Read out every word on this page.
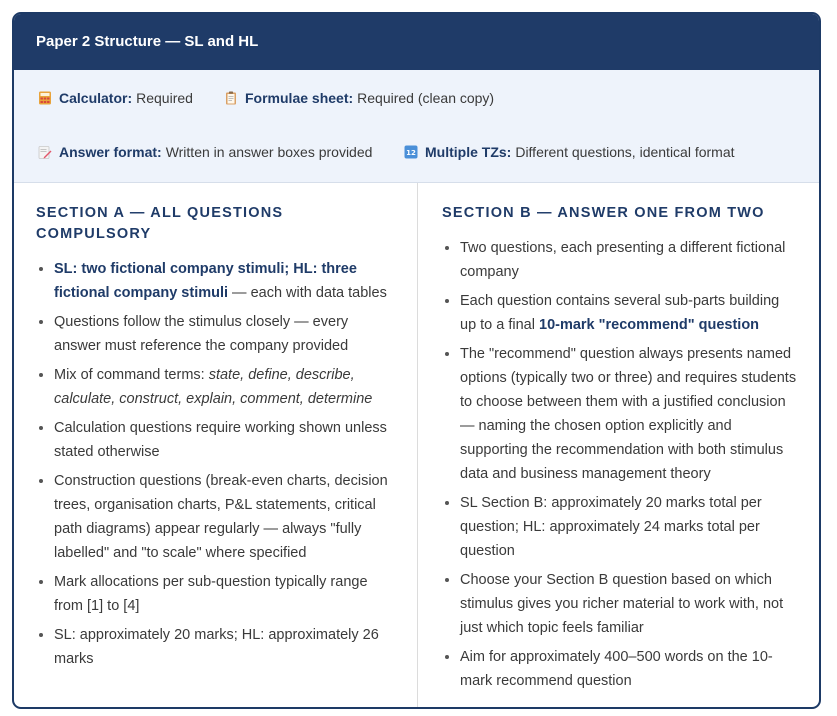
Paper 2 Structure — SL and HL
Calculator: Required	Formulae sheet: Required (clean copy)
Answer format: Written in answer boxes provided	12 Multiple TZs: Different questions, identical format
SECTION A — ALL QUESTIONS COMPULSORY
• SL: two fictional company stimuli; HL: three fictional company stimuli — each with data tables
• Questions follow the stimulus closely — every answer must reference the company provided
• Mix of command terms: state, define, describe, calculate, construct, explain, comment, determine
• Calculation questions require working shown unless stated otherwise
• Construction questions (break-even charts, decision trees, organisation charts, P&L statements, critical path diagrams) appear regularly — always "fully labelled" and "to scale" where specified
• Mark allocations per sub-question typically range from [1] to [4]
• SL: approximately 20 marks; HL: approximately 26 marks
SECTION B — ANSWER ONE FROM TWO
• Two questions, each presenting a different fictional company
• Each question contains several sub-parts building up to a final 10-mark "recommend" question
• The "recommend" question always presents named options (typically two or three) and requires students to choose between them with a justified conclusion — naming the chosen option explicitly and supporting the recommendation with both stimulus data and business management theory
• SL Section B: approximately 20 marks total per question; HL: approximately 24 marks total per question
• Choose your Section B question based on which stimulus gives you richer material to work with, not just which topic feels familiar
• Aim for approximately 400–500 words on the 10-mark recommend question
